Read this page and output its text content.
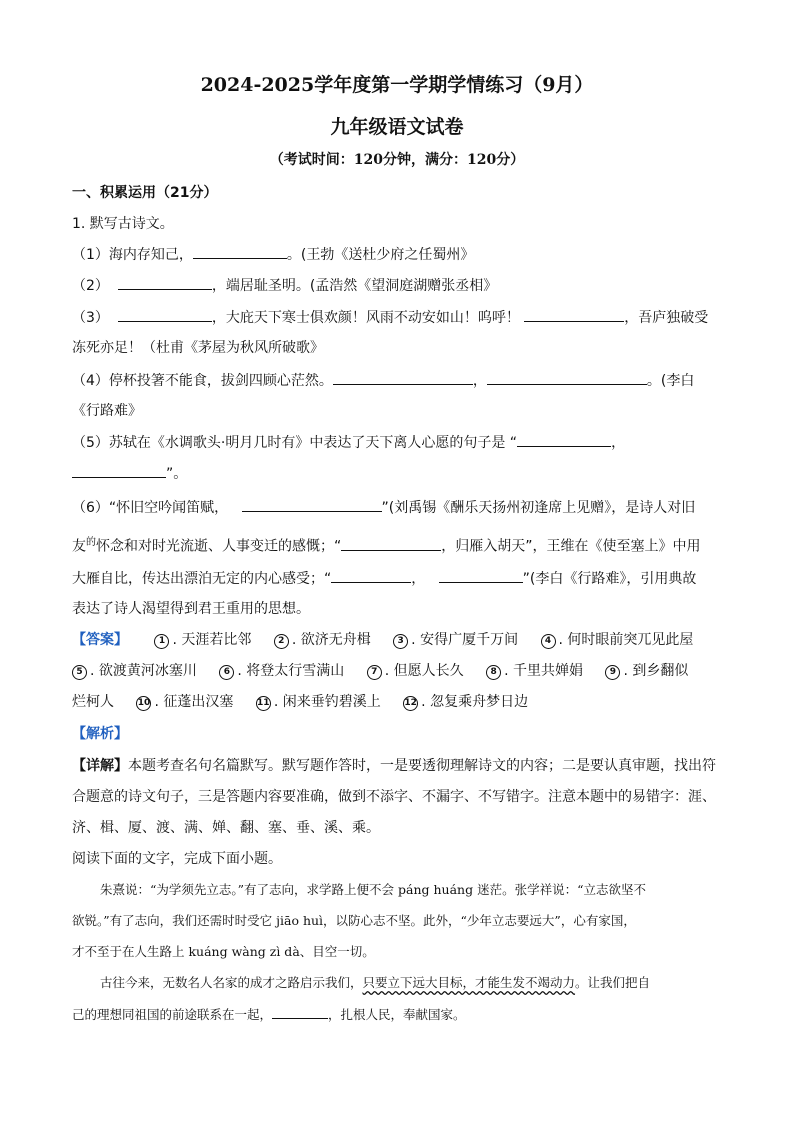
2024-2025学年度第一学期学情练习（9月）
九年级语文试卷
（考试时间：120分钟，满分：120分）
一、积累运用（21分）
1. 默写古诗文。
（1）海内存知己，	。(王勃《送杜少府之任蜀州》
（2）	，端居耻圣明。(孟浩然《望洞庭湖赠张丞相》
（3）	，大庇天下寒士俱欢颜！风雨不动安如山！呜呼！	，吾庐独破受
冻死亦足！（杜甫《茅屋为秋风所破歌》
（4）停杯投箸不能食，拔剑四顾心茫然。	，	。(李白
《行路难》
（5）苏轼在《水调歌头·明月几时有》中表达了天下离人心愿的句子是 “	，
”。
（6）“怀旧空吟闻笛赋，	”(刘禹锡《酬乐天扬州初逢席上见赠》，是诗人对旧
友$^的$怀念和对时光流逝、人事变迁的感慨；“	，归雁入胡天”，王维在《使至塞上》中用
大雁自比，传达出漂泊无定的内心感受；“	，	”(李白《行路难》，引用典故
表达了诗人渴望得到君王重用的思想。
【答案】	1 . 天涯若比邻	2 . 欲济无舟楫	3 . 安得广厦千万间	4 . 何时眼前突兀见此屋
5 . 欲渡黄河冰塞川	6 . 将登太行雪满山	7 . 但愿人长久	8 . 千里共婵娟	9 . 到乡翻似
烂柯人	10 . 征蓬出汉塞	11 . 闲来垂钓碧溪上	12 . 忽复乘舟梦日边
【解析】
【详解】本题考查名句名篇默写。默写题作答时，一是要透彻理解诗文的内容；二是要认真审题，找出符
合题意的诗文句子，三是答题内容要准确，做到不添字、不漏字、不写错字。注意本题中的易错字：涯、
济、楫、厦、渡、满、婵、翻、塞、垂、溪、乘。
阅读下面的文字，完成下面小题。
朱熹说：“为学须先立志。”有了志向，求学路上便不会 páng huáng 迷茫。张学祥说：“立志欲坚不
欲锐。”有了志向，我们还需时时受它 jiāo huì，以防心志不坚。此外，“少年立志要远大”，心有家国，
才不至于在人生路上 kuáng wàng zì dà、目空一切。
古往今来，无数名人名家的成才之路启示我们，只要立下远大目标，才能生发不竭动力。让我们把自
己的理想同祖国的前途联系在一起，	，扎根人民，奉献国家。
